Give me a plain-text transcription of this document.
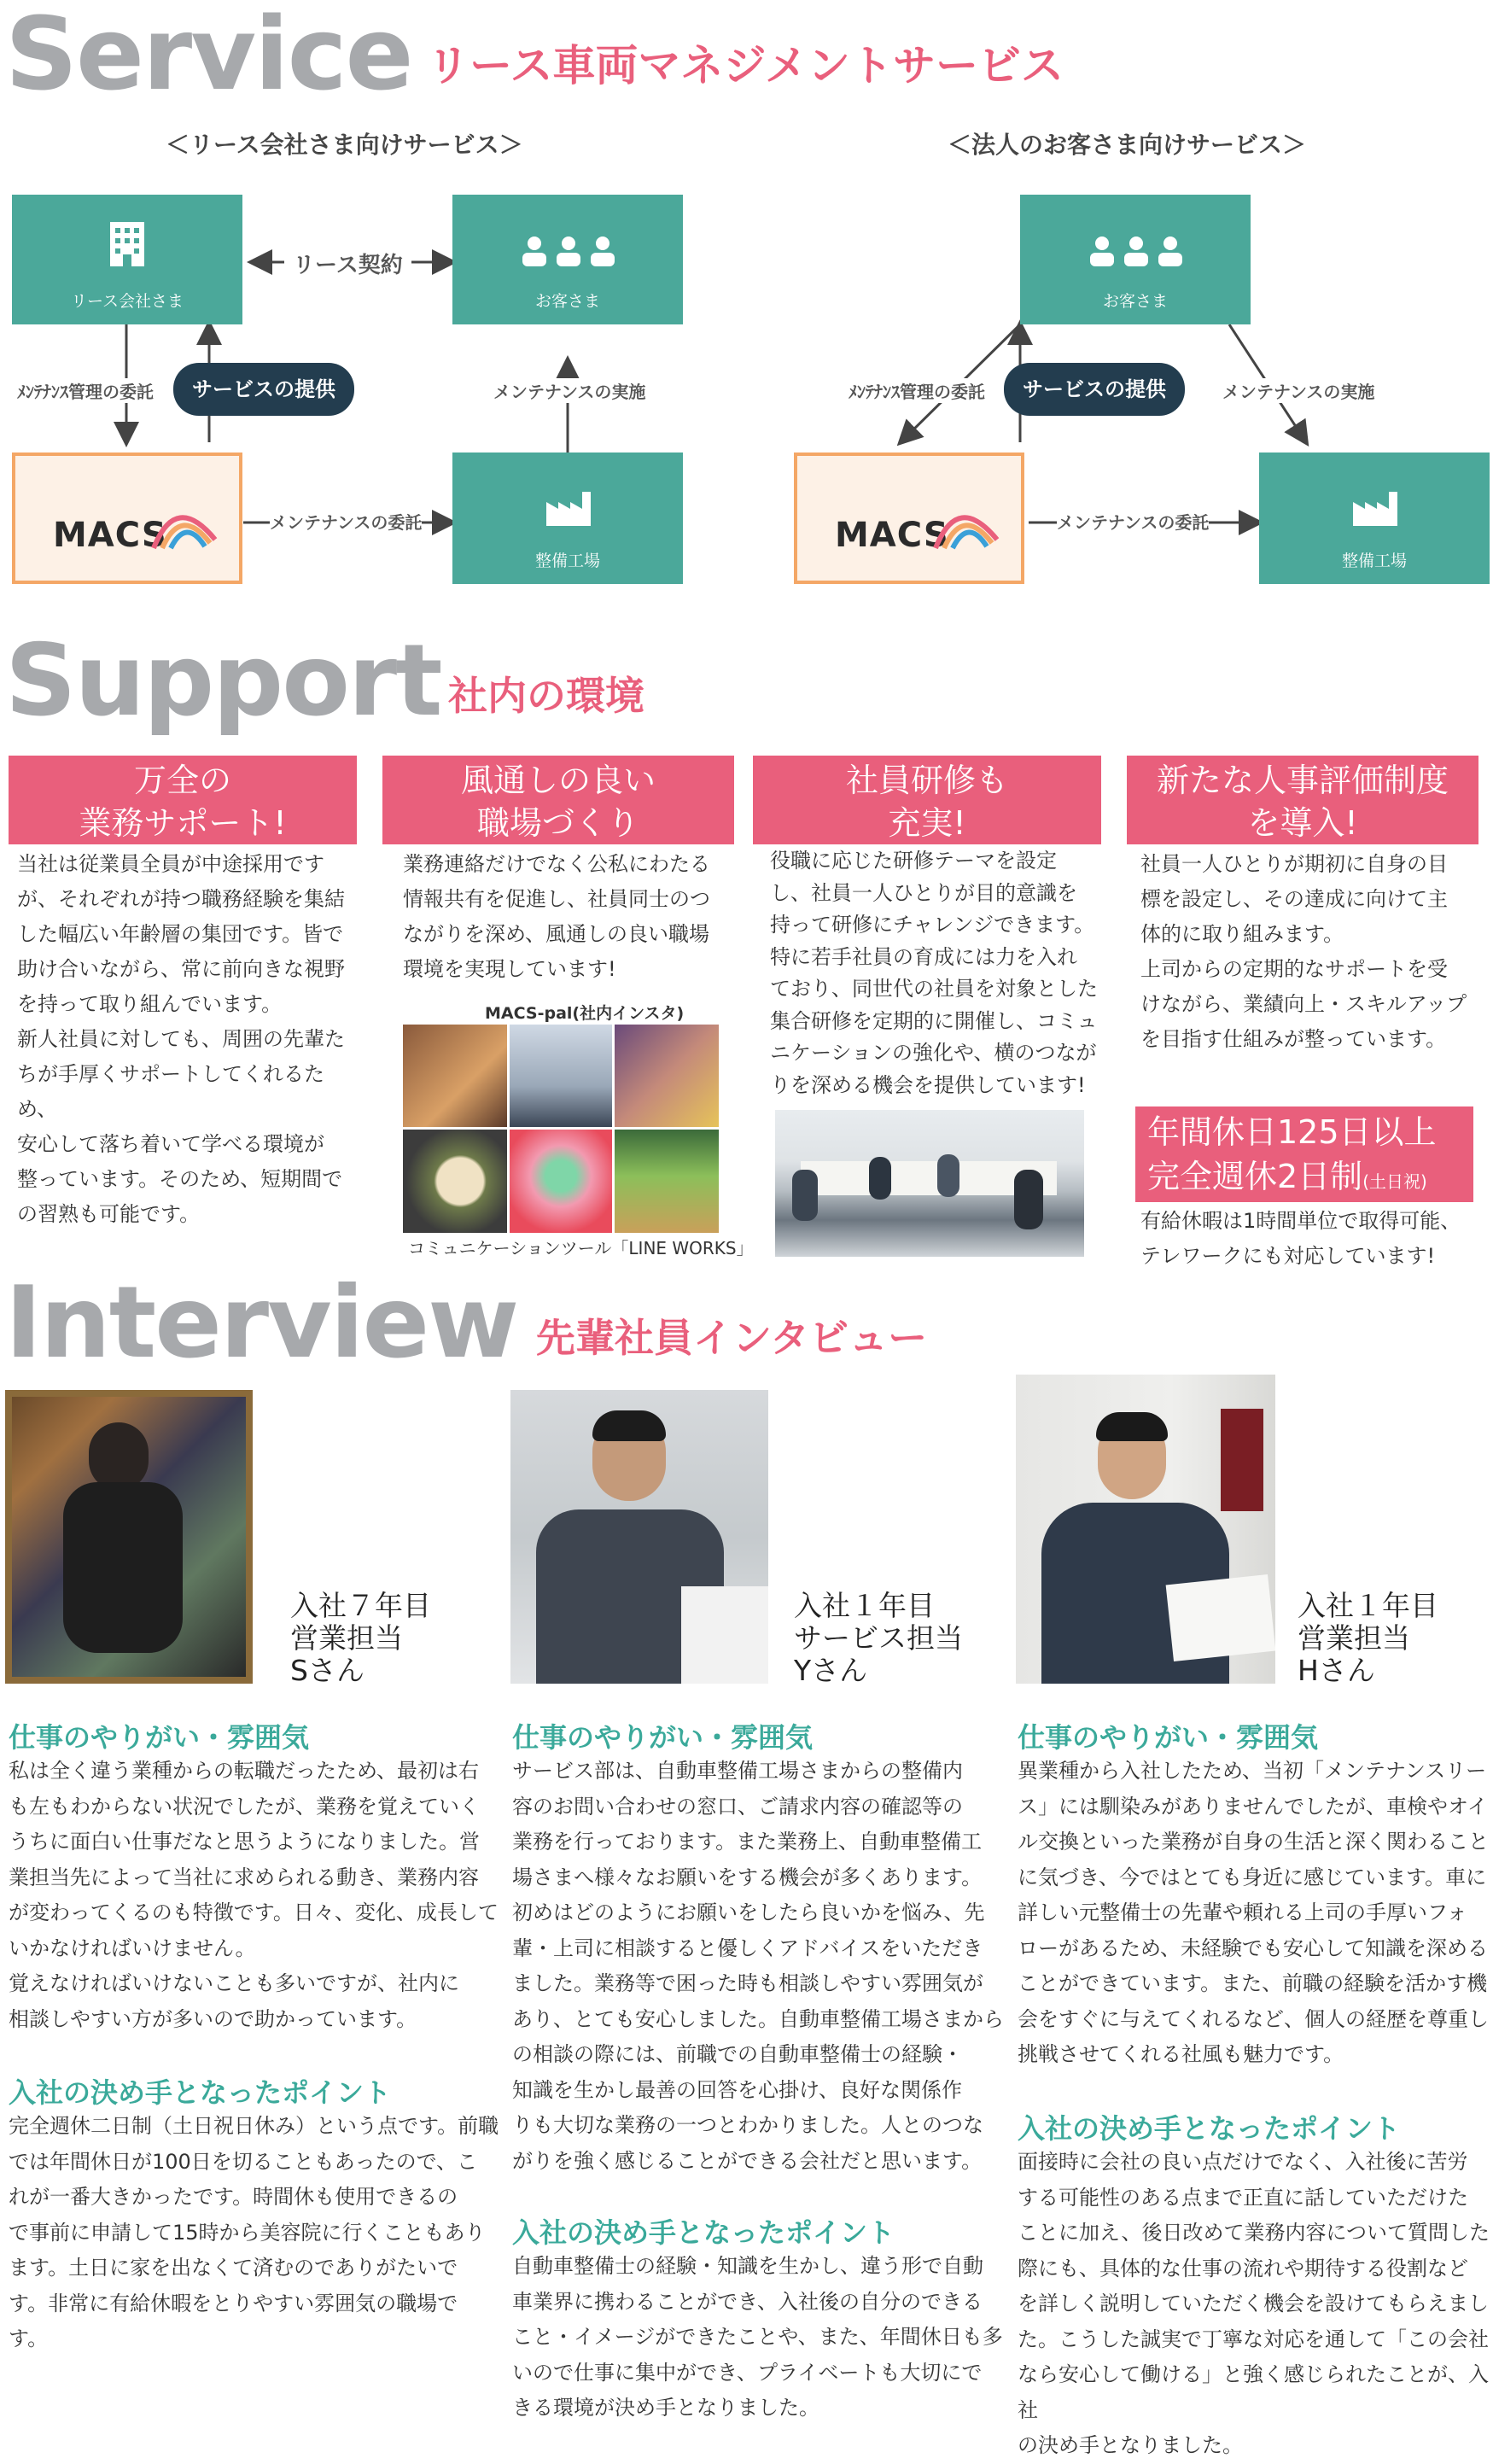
Service リース車両マネジメントサービス
＜リース会社さま向けサービス＞	＜法人のお客さま向けサービス＞
リース会社さま
リース契約
お客さま
ﾒﾝﾃﾅﾝｽ管理の委託	サービスの提供	メンテナンスの実施
MACS	メンテナンスの委託
整備工場
お客さま
ﾒﾝﾃﾅﾝｽ管理の委託	サービスの提供	メンテナンスの実施
MACS	メンテナンスの委託
整備工場
Support 社内の環境
万全の
業務サポート!
当社は従業員全員が中途採用です
が、それぞれが持つ職務経験を集結
した幅広い年齢層の集団です。皆で
助け合いながら、常に前向きな視野
を持って取り組んでいます。
新人社員に対しても、周囲の先輩た
ちが手厚くサポートしてくれるため、
安心して落ち着いて学べる環境が
整っています。そのため、短期間で
の習熟も可能です。
風通しの良い
職場づくり
業務連絡だけでなく公私にわたる
情報共有を促進し、社員同士のつ
ながりを深め、風通しの良い職場
環境を実現しています!
MACS-pal(社内インスタ)
コミュニケーションツール「LINE WORKS」
社員研修も
充実!
役職に応じた研修テーマを設定
し、社員一人ひとりが目的意識を
持って研修にチャレンジできます。
特に若手社員の育成には力を入れ
ており、同世代の社員を対象とした
集合研修を定期的に開催し、コミュ
ニケーションの強化や、横のつなが
りを深める機会を提供しています!
新たな人事評価制度
を導入!
社員一人ひとりが期初に自身の目
標を設定し、その達成に向けて主
体的に取り組みます。
上司からの定期的なサポートを受
けながら、業績向上・スキルアップ
を目指す仕組みが整っています。
年間休日125日以上
完全週休2日制(土日祝)
有給休暇は1時間単位で取得可能、
テレワークにも対応しています!
Interview 先輩社員インタビュー
入社７年目
営業担当
Sさん
仕事のやりがい・雰囲気
私は全く違う業種からの転職だったため、最初は右
も左もわからない状況でしたが、業務を覚えていく
うちに面白い仕事だなと思うようになりました。営
業担当先によって当社に求められる動き、業務内容
が変わってくるのも特徴です。日々、変化、成長して
いかなければいけません。
覚えなければいけないことも多いですが、社内に
相談しやすい方が多いので助かっています。
入社の決め手となったポイント
完全週休二日制（土日祝日休み）という点です。前職
では年間休日が100日を切ることもあったので、こ
れが一番大きかったです。時間休も使用できるの
で事前に申請して15時から美容院に行くこともあり
ます。土日に家を出なくて済むのでありがたいで
す。非常に有給休暇をとりやすい雰囲気の職場で
す。
入社１年目
サービス担当
Yさん
仕事のやりがい・雰囲気
サービス部は、自動車整備工場さまからの整備内
容のお問い合わせの窓口、ご請求内容の確認等の
業務を行っております。また業務上、自動車整備工
場さまへ様々なお願いをする機会が多くあります。
初めはどのようにお願いをしたら良いかを悩み、先
輩・上司に相談すると優しくアドバイスをいただき
ました。業務等で困った時も相談しやすい雰囲気が
あり、とても安心しました。自動車整備工場さまから
の相談の際には、前職での自動車整備士の経験・
知識を生かし最善の回答を心掛け、良好な関係作
りも大切な業務の一つとわかりました。人とのつな
がりを強く感じることができる会社だと思います。
入社の決め手となったポイント
自動車整備士の経験・知識を生かし、違う形で自動
車業界に携わることができ、入社後の自分のできる
こと・イメージができたことや、また、年間休日も多
いので仕事に集中ができ、プライベートも大切にで
きる環境が決め手となりました。
入社１年目
営業担当
Hさん
仕事のやりがい・雰囲気
異業種から入社したため、当初「メンテナンスリー
ス」には馴染みがありませんでしたが、車検やオイ
ル交換といった業務が自身の生活と深く関わること
に気づき、今ではとても身近に感じています。車に
詳しい元整備士の先輩や頼れる上司の手厚いフォ
ローがあるため、未経験でも安心して知識を深める
ことができています。また、前職の経験を活かす機
会をすぐに与えてくれるなど、個人の経歴を尊重し
挑戦させてくれる社風も魅力です。
入社の決め手となったポイント
面接時に会社の良い点だけでなく、入社後に苦労
する可能性のある点まで正直に話していただけた
ことに加え、後日改めて業務内容について質問した
際にも、具体的な仕事の流れや期待する役割など
を詳しく説明していただく機会を設けてもらえまし
た。こうした誠実で丁寧な対応を通して「この会社
なら安心して働ける」と強く感じられたことが、入社
の決め手となりました。
